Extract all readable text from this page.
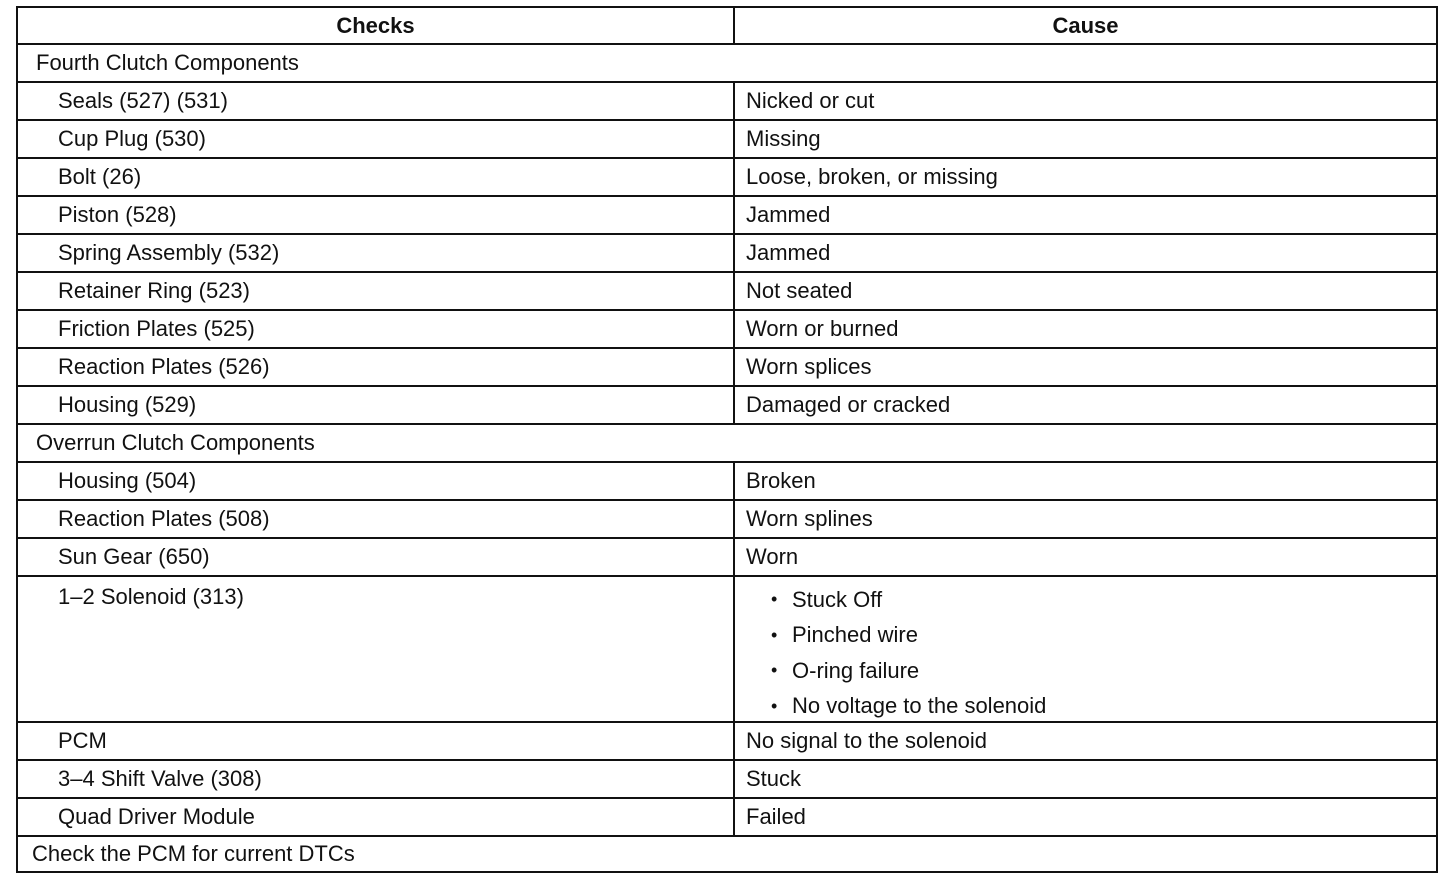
Checks	Cause
Fourth Clutch Components
Seals (527) (531)	Nicked or cut
Cup Plug (530)	Missing
Bolt (26)	Loose, broken, or missing
Piston (528)	Jammed
Spring Assembly (532)	Jammed
Retainer Ring (523)	Not seated
Friction Plates (525)	Worn or burned
Reaction Plates (526)	Worn splices
Housing (529)	Damaged or cracked
Overrun Clutch Components
Housing (504)	Broken
Reaction Plates (508)	Worn splines
Sun Gear (650)	Worn
1–2 Solenoid (313)	• Stuck Off
• Pinched wire
• O-ring failure
• No voltage to the solenoid
PCM	No signal to the solenoid
3–4 Shift Valve (308)	Stuck
Quad Driver Module	Failed
Check the PCM for current DTCs
